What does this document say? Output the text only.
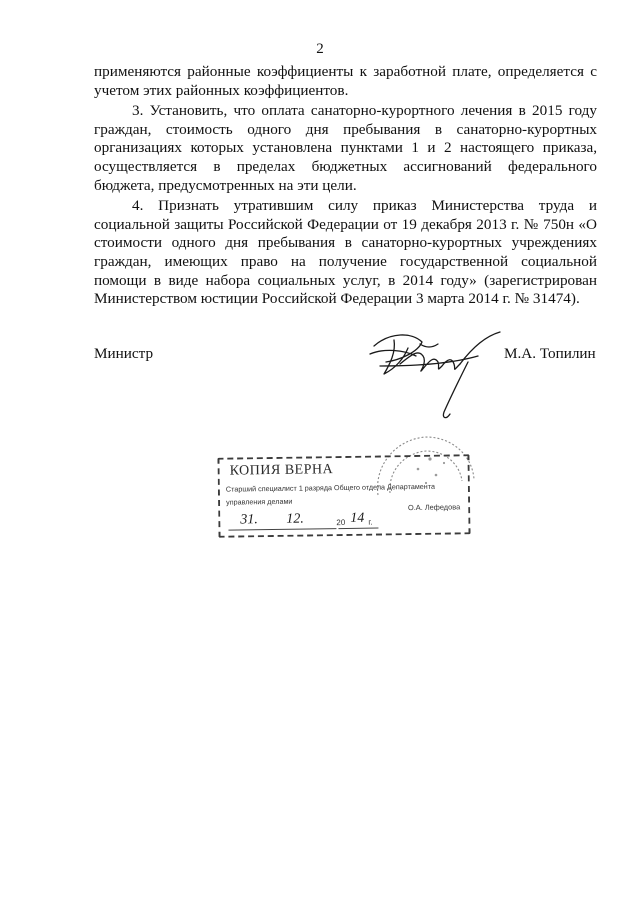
2

применяются районные коэффициенты к заработной плате, определяется с учетом этих районных коэффициентов.

3. Установить, что оплата санаторно-курортного лечения в 2015 году граждан, стоимость одного дня пребывания в санаторно-курортных организациях которых установлена пунктами 1 и 2 настоящего приказа, осуществляется в пределах бюджетных ассигнований федерального бюджета, предусмотренных на эти цели.

4. Признать утратившим силу приказ Министерства труда и социальной защиты Российской Федерации от 19 декабря 2013 г. № 750н «О стоимости одного дня пребывания в санаторно-курортных учреждениях граждан, имеющих право на получение государственной социальной помощи в виде набора социальных услуг, в 2014 году» (зарегистрирован Министерством юстиции Российской Федерации 3 марта 2014 г. № 31474).

Министр	М.А. Топилин
КОПИЯ ВЕРНА
Старший специалист 1 разряда Общего отдела Департамента
управления делами
О.А. Лефедова
31. 12.	20 14 г.
